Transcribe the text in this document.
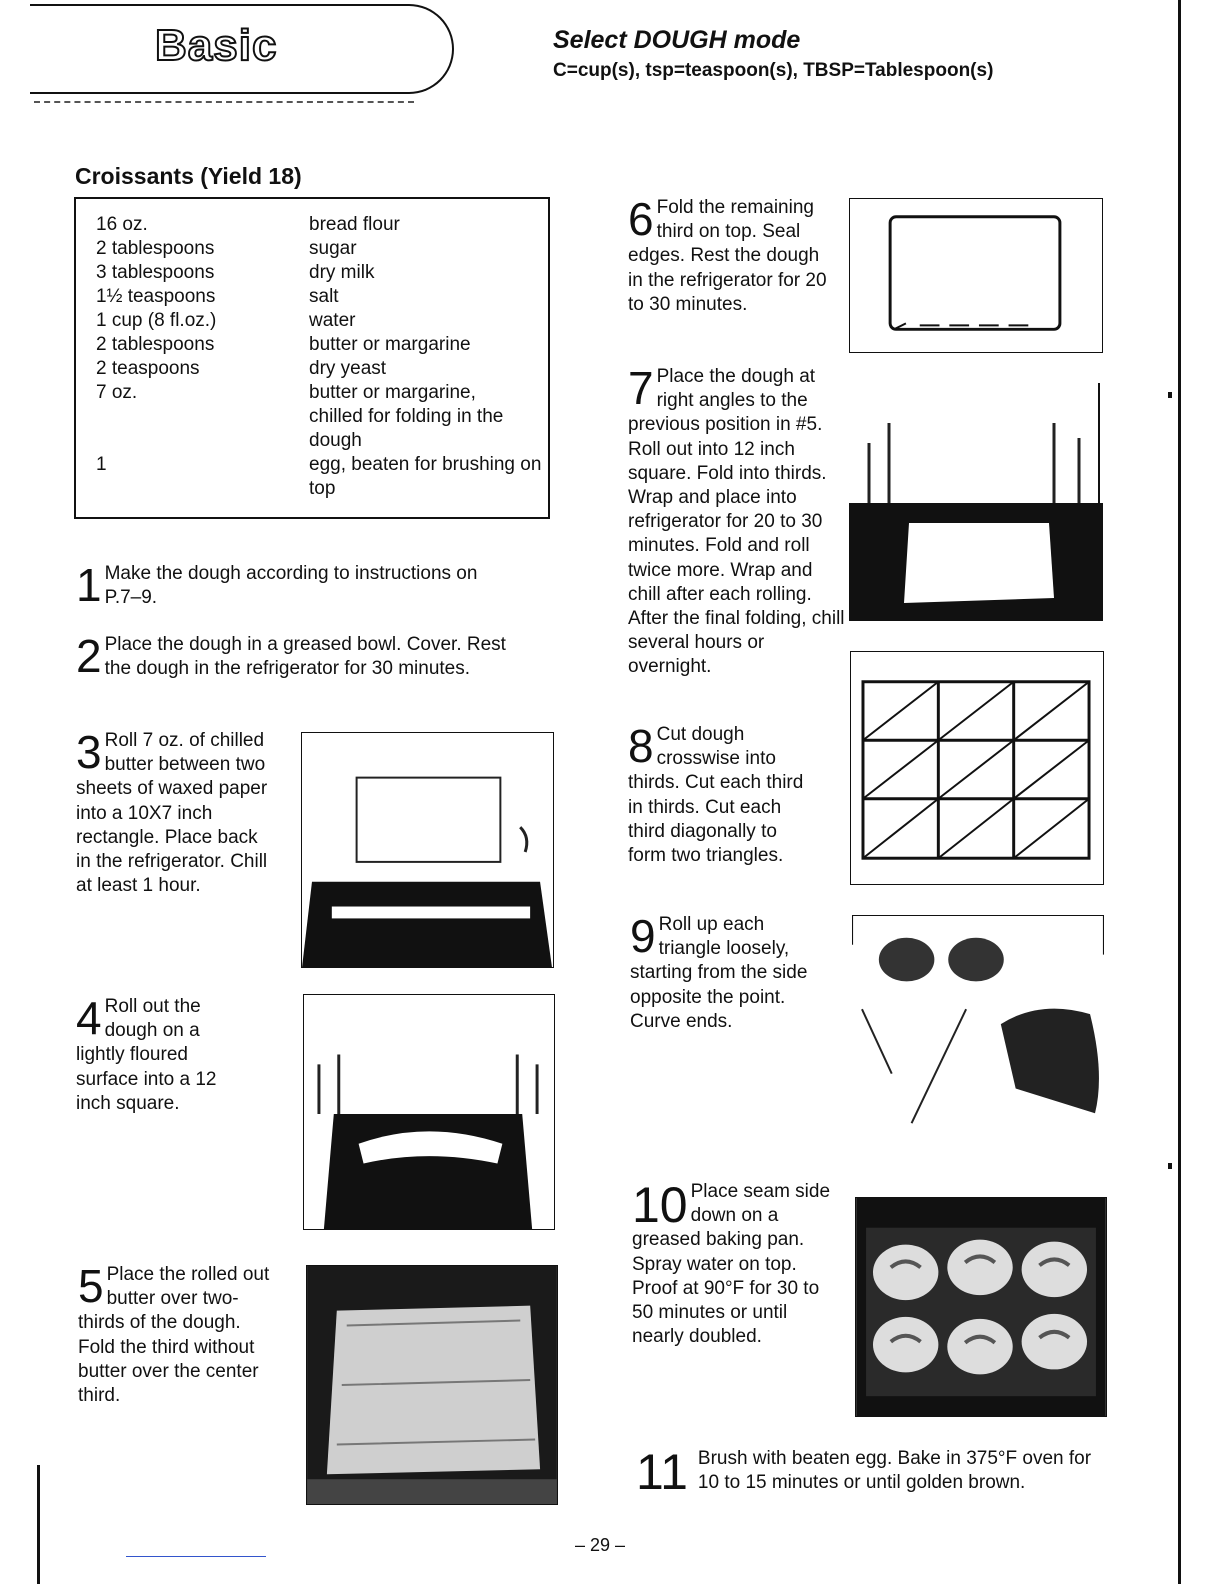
Basic	Select DOUGH mode
C=cup(s), tsp=teaspoon(s), TBSP=Tablespoon(s)
Croissants (Yield 18)
16 oz.	bread flour
2 tablespoons	sugar
3 tablespoons	dry milk
1½ teaspoons	salt
1 cup (8 fl.oz.)	water
2 tablespoons	butter or margarine
2 teaspoons	dry yeast
7 oz.	butter or margarine, chilled for folding in the dough
1	egg, beaten for brushing on top
1 Make the dough according to instructions on P.7–9.

2 Place the dough in a greased bowl. Cover. Rest the dough in the refrigerator for 30 minutes.

3 Roll 7 oz. of chilled butter between two sheets of waxed paper into a 10X7 inch rectangle. Place back in the refrigerator. Chill at least 1 hour.

4 Roll out the dough on a lightly floured surface into a 12 inch square.

5 Place the rolled out butter over two-thirds of the dough. Fold the third without butter over the center third.

6 Fold the remaining third on top. Seal edges. Rest the dough in the refrigerator for 20 to 30 minutes.

7 Place the dough at right angles to the previous position in #5. Roll out into 12 inch square. Fold into thirds. Wrap and place into refrigerator for 20 to 30 minutes. Fold and roll twice more. Wrap and chill after each rolling. After the final folding, chill several hours or overnight.

8 Cut dough crosswise into thirds. Cut each third in thirds. Cut each third diagonally to form two triangles.

9 Roll up each triangle loosely, starting from the side opposite the point. Curve ends.

10 Place seam side down on a greased baking pan. Spray water on top. Proof at 90°F for 30 to 50 minutes or until nearly doubled.

11 Brush with beaten egg. Bake in 375°F oven for 10 to 15 minutes or until golden brown.

– 29 –
